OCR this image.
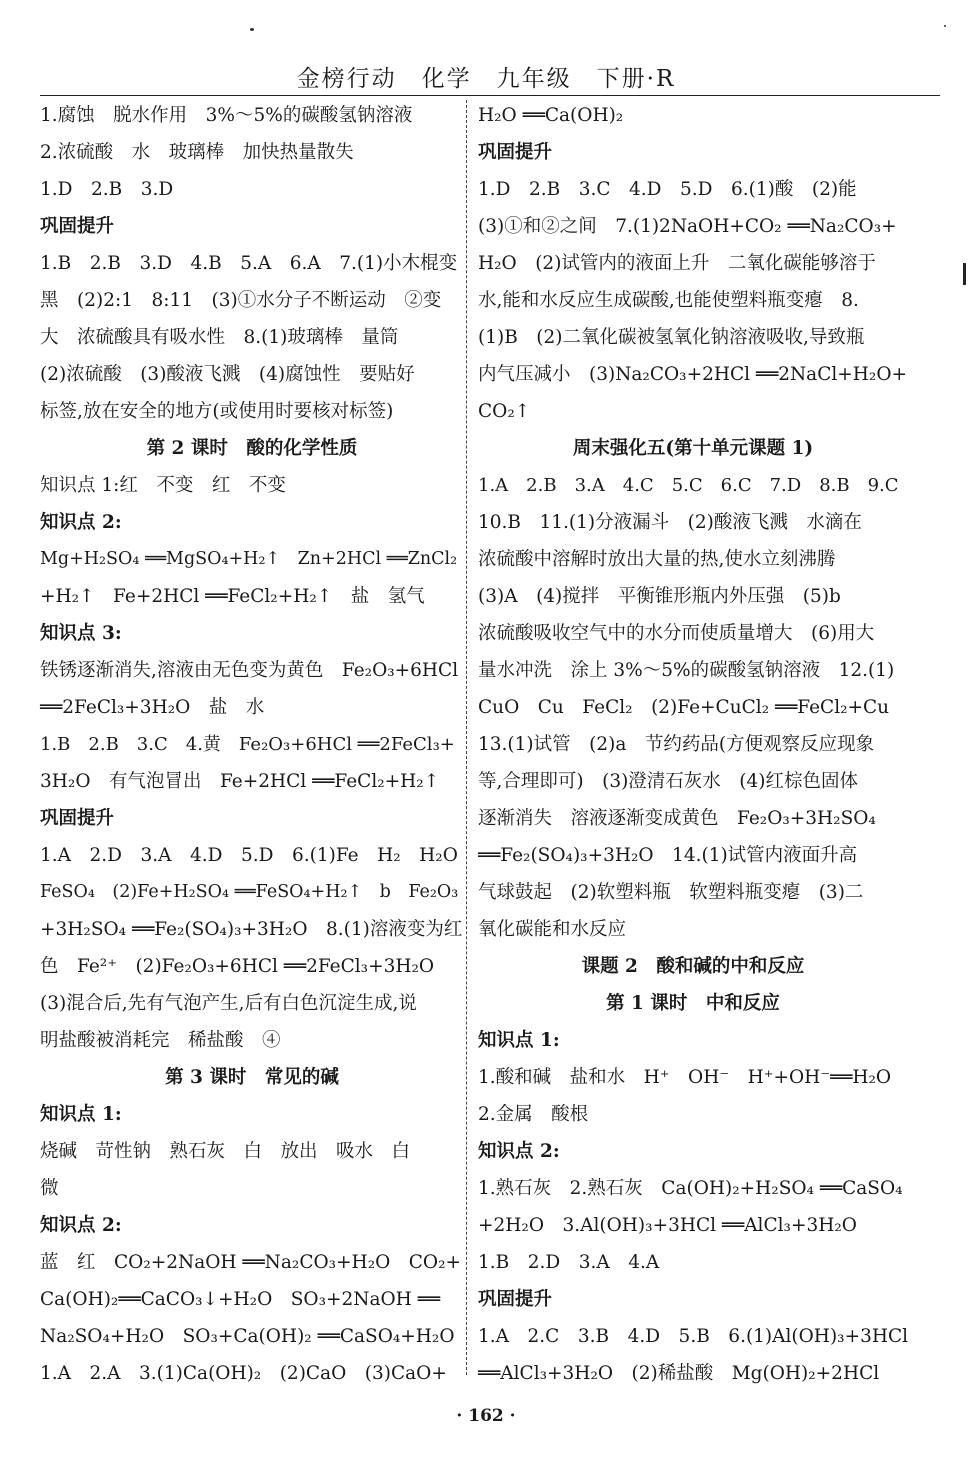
金榜行动　化学　九年级　下册·R
1.腐蚀　脱水作用　3%～5%的碳酸氢钠溶液
2.浓硫酸　水　玻璃棒　加快热量散失
1.D　2.B　3.D
巩固提升
1.B　2.B　3.D　4.B　5.A　6.A　7.(1)小木棍变
黑　(2)2:1　8:11　(3)①水分子不断运动　②变
大　浓硫酸具有吸水性　8.(1)玻璃棒　量筒
(2)浓硫酸　(3)酸液飞溅　(4)腐蚀性　要贴好
标签,放在安全的地方(或使用时要核对标签)
第 2 课时　酸的化学性质
知识点 1:红　不变　红　不变
知识点 2:
Mg+H₂SO₄ ══MgSO₄+H₂↑　Zn+2HCl ══ZnCl₂
+H₂↑　Fe+2HCl ══FeCl₂+H₂↑　盐　氢气
知识点 3:
铁锈逐渐消失,溶液由无色变为黄色　Fe₂O₃+6HCl
══2FeCl₃+3H₂O　盐　水
1.B　2.B　3.C　4.黄　Fe₂O₃+6HCl ══2FeCl₃+
3H₂O　有气泡冒出　Fe+2HCl ══FeCl₂+H₂↑
巩固提升
1.A　2.D　3.A　4.D　5.D　6.(1)Fe　H₂　H₂O
FeSO₄　(2)Fe+H₂SO₄ ══FeSO₄+H₂↑　b　Fe₂O₃
+3H₂SO₄ ══Fe₂(SO₄)₃+3H₂O　8.(1)溶液变为红
色　Fe²⁺　(2)Fe₂O₃+6HCl ══2FeCl₃+3H₂O
(3)混合后,先有气泡产生,后有白色沉淀生成,说
明盐酸被消耗完　稀盐酸　④
第 3 课时　常见的碱
知识点 1:
烧碱　苛性钠　熟石灰　白　放出　吸水　白
微
知识点 2:
蓝　红　CO₂+2NaOH ══Na₂CO₃+H₂O　CO₂+
Ca(OH)₂══CaCO₃↓+H₂O　SO₃+2NaOH ══
Na₂SO₄+H₂O　SO₃+Ca(OH)₂ ══CaSO₄+H₂O
1.A　2.A　3.(1)Ca(OH)₂　(2)CaO　(3)CaO+
H₂O ══Ca(OH)₂
巩固提升
1.D　2.B　3.C　4.D　5.D　6.(1)酸　(2)能
(3)①和②之间　7.(1)2NaOH+CO₂ ══Na₂CO₃+
H₂O　(2)试管内的液面上升　二氧化碳能够溶于
水,能和水反应生成碳酸,也能使塑料瓶变瘪　8.
(1)B　(2)二氧化碳被氢氧化钠溶液吸收,导致瓶
内气压减小　(3)Na₂CO₃+2HCl ══2NaCl+H₂O+
CO₂↑
周末强化五(第十单元课题 1)
1.A　2.B　3.A　4.C　5.C　6.C　7.D　8.B　9.C
10.B　11.(1)分液漏斗　(2)酸液飞溅　水滴在
浓硫酸中溶解时放出大量的热,使水立刻沸腾
(3)A　(4)搅拌　平衡锥形瓶内外压强　(5)b
浓硫酸吸收空气中的水分而使质量增大　(6)用大
量水冲洗　涂上 3%～5%的碳酸氢钠溶液　12.(1)
CuO　Cu　FeCl₂　(2)Fe+CuCl₂ ══FeCl₂+Cu
13.(1)试管　(2)a　节约药品(方便观察反应现象
等,合理即可)　(3)澄清石灰水　(4)红棕色固体
逐渐消失　溶液逐渐变成黄色　Fe₂O₃+3H₂SO₄
══Fe₂(SO₄)₃+3H₂O　14.(1)试管内液面升高
气球鼓起　(2)软塑料瓶　软塑料瓶变瘪　(3)二
氧化碳能和水反应
课题 2　酸和碱的中和反应
第 1 课时　中和反应
知识点 1:
1.酸和碱　盐和水　H⁺　OH⁻　H⁺+OH⁻══H₂O
2.金属　酸根
知识点 2:
1.熟石灰　2.熟石灰　Ca(OH)₂+H₂SO₄ ══CaSO₄
+2H₂O　3.Al(OH)₃+3HCl ══AlCl₃+3H₂O
1.B　2.D　3.A　4.A
巩固提升
1.A　2.C　3.B　4.D　5.B　6.(1)Al(OH)₃+3HCl
══AlCl₃+3H₂O　(2)稀盐酸　Mg(OH)₂+2HCl
· 162 ·
